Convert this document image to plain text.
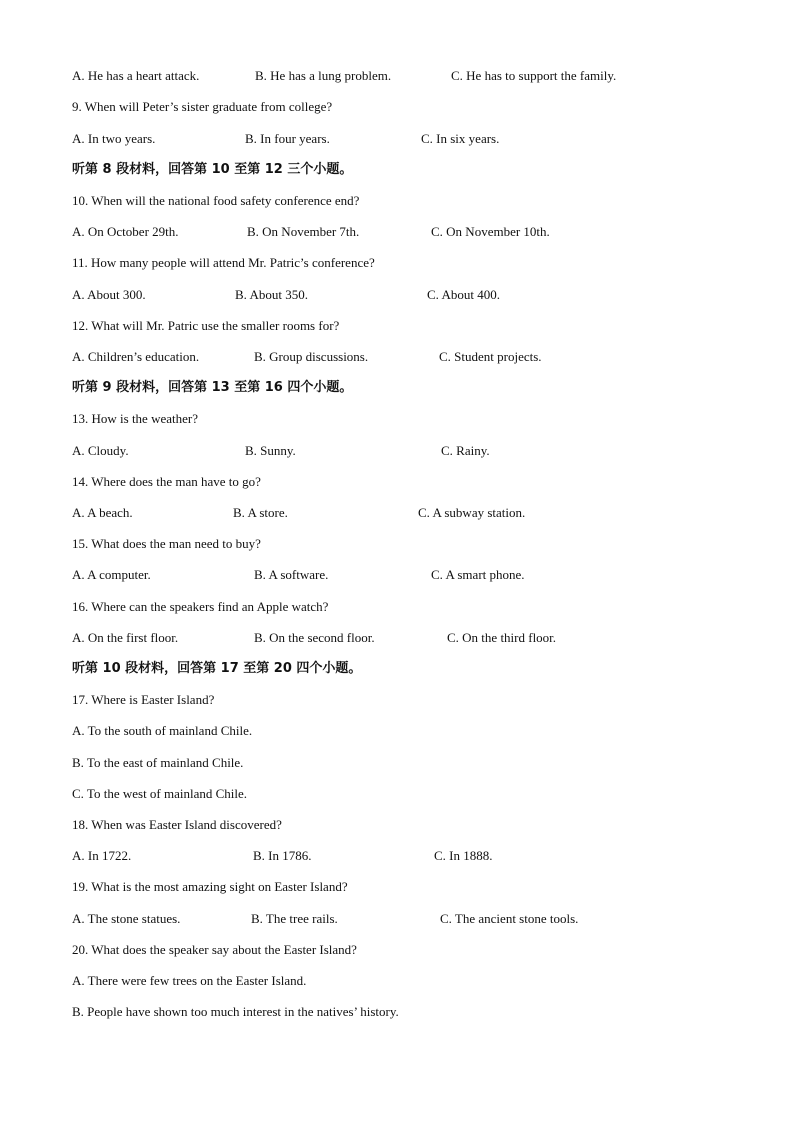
A. He has a heart attack.	B. He has a lung problem.	C. He has to support the family.
9. When will Peter’s sister graduate from college?
A. In two years.	B. In four years.	C. In six years.
听第 8 段材料，回答第 10 至第 12 三个小题。
10. When will the national food safety conference end?
A. On October 29th.	B. On November 7th.	C. On November 10th.
11. How many people will attend Mr. Patric’s conference?
A. About 300.	B. About 350.	C. About 400.
12. What will Mr. Patric use the smaller rooms for?
A. Children’s education.	B. Group discussions.	C. Student projects.
听第 9 段材料，回答第 13 至第 16 四个小题。
13. How is the weather?
A. Cloudy.	B. Sunny.	C. Rainy.
14. Where does the man have to go?
A. A beach.	B. A store.	C. A subway station.
15. What does the man need to buy?
A. A computer.	B. A software.	C. A smart phone.
16. Where can the speakers find an Apple watch?
A. On the first floor.	B. On the second floor.	C. On the third floor.
听第 10 段材料，回答第 17 至第 20 四个小题。
17. Where is Easter Island?
A. To the south of mainland Chile.
B. To the east of mainland Chile.
C. To the west of mainland Chile.
18. When was Easter Island discovered?
A. In 1722.	B. In 1786.	C. In 1888.
19. What is the most amazing sight on Easter Island?
A. The stone statues.	B. The tree rails.	C. The ancient stone tools.
20. What does the speaker say about the Easter Island?
A. There were few trees on the Easter Island.
B. People have shown too much interest in the natives’ history.
